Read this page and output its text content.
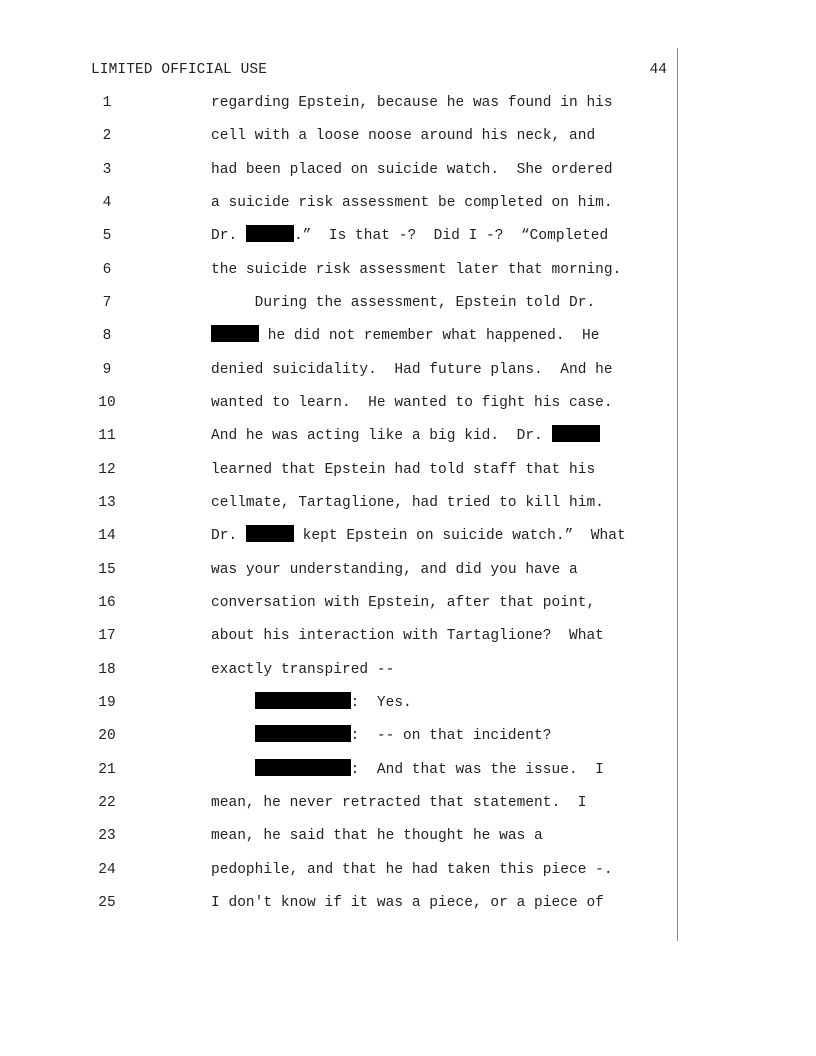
LIMITED OFFICIAL USE	44
1	regarding Epstein, because he was found in his
2	cell with a loose noose around his neck, and
3	had been placed on suicide watch.  She ordered
4	a suicide risk assessment be completed on him.
5	Dr.	.”  Is that -?  Did I -?  “Completed
6	the suicide risk assessment later that morning.
7	During the assessment, Epstein told Dr.
8	he did not remember what happened.  He
9	denied suicidality.  Had future plans.  And he
10	wanted to learn.  He wanted to fight his case.
11	And he was acting like a big kid.  Dr.
12	learned that Epstein had told staff that his
13	cellmate, Tartaglione, had tried to kill him.
14	Dr.	kept Epstein on suicide watch.”  What
15	was your understanding, and did you have a
16	conversation with Epstein, after that point,
17	about his interaction with Tartaglione?  What
18	exactly transpired --
19	:  Yes.
20	:  -- on that incident?
21	:  And that was the issue.  I
22	mean, he never retracted that statement.  I
23	mean, he said that he thought he was a
24	pedophile, and that he had taken this piece -.
25	I don't know if it was a piece, or a piece of
